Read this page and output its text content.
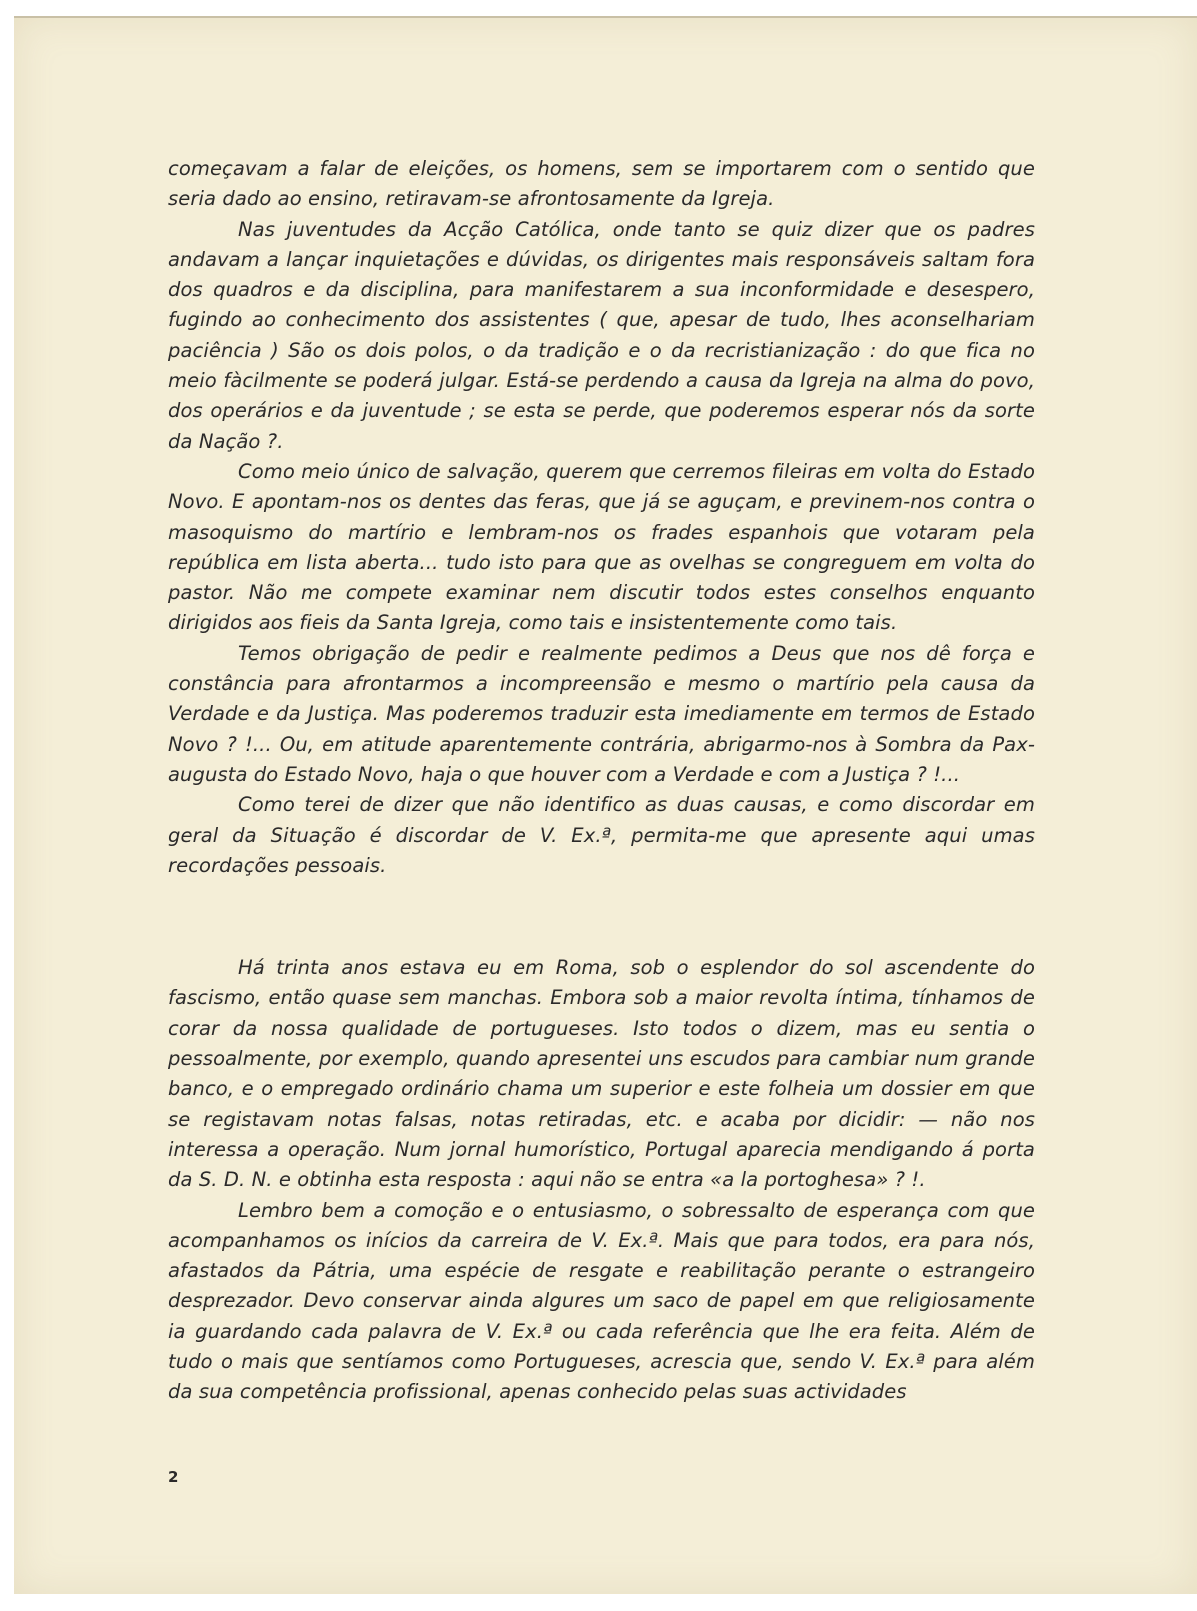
começavam a falar de eleições, os homens, sem se importarem com o sentido que seria dado ao ensino, retiravam-se afrontosamente da Igreja.

Nas juventudes da Acção Católica, onde tanto se quiz dizer que os padres andavam a lançar inquietações e dúvidas, os dirigentes mais responsáveis saltam fora dos quadros e da disciplina, para manifestarem a sua inconformidade e desespero, fugindo ao conhecimento dos assistentes ( que, apesar de tudo, lhes aconselhariam paciência ) São os dois polos, o da tradição e o da recristianização : do que fica no meio fàcilmente se poderá julgar. Está-se perdendo a causa da Igreja na alma do povo, dos operários e da juventude ; se esta se perde, que poderemos esperar nós da sorte da Nação ?.

Como meio único de salvação, querem que cerremos fileiras em volta do Estado Novo. E apontam-nos os dentes das feras, que já se aguçam, e previnem-nos contra o masoquismo do martírio e lembram-nos os frades espanhois que votaram pela república em lista aberta... tudo isto para que as ovelhas se congreguem em volta do pastor. Não me compete examinar nem discutir todos estes conselhos enquanto dirigidos aos fieis da Santa Igreja, como tais e insistentemente como tais.

Temos obrigação de pedir e realmente pedimos a Deus que nos dê força e constância para afrontarmos a incompreensão e mesmo o martírio pela causa da Verdade e da Justiça. Mas poderemos traduzir esta imediamente em termos de Estado Novo ? !... Ou, em atitude aparentemente contrária, abrigarmo-nos à Sombra da Pax-augusta do Estado Novo, haja o que houver com a Verdade e com a Justiça ? !...

Como terei de dizer que não identifico as duas causas, e como discordar em geral da Situação é discordar de V. Ex.ª, permita-me que apresente aqui umas recordações pessoais.

Há trinta anos estava eu em Roma, sob o esplendor do sol ascendente do fascismo, então quase sem manchas. Embora sob a maior revolta íntima, tínhamos de corar da nossa qualidade de portugueses. Isto todos o dizem, mas eu sentia o pessoalmente, por exemplo, quando apresentei uns escudos para cambiar num grande banco, e o empregado ordinário chama um superior e este folheia um dossier em que se registavam notas falsas, notas retiradas, etc. e acaba por dicidir: — não nos interessa a operação. Num jornal humorístico, Portugal aparecia mendigando á porta da S. D. N. e obtinha esta resposta : aqui não se entra «a la portoghesa» ? !.

Lembro bem a comoção e o entusiasmo, o sobressalto de esperança com que acompanhamos os inícios da carreira de V. Ex.ª. Mais que para todos, era para nós, afastados da Pátria, uma espécie de resgate e reabilitação perante o estrangeiro desprezador. Devo conservar ainda algures um saco de papel em que religiosamente ia guardando cada palavra de V. Ex.ª ou cada referência que lhe era feita. Além de tudo o mais que sentíamos como Portugueses, acrescia que, sendo V. Ex.ª para além da sua competência profissional, apenas conhecido pelas suas actividades

2
